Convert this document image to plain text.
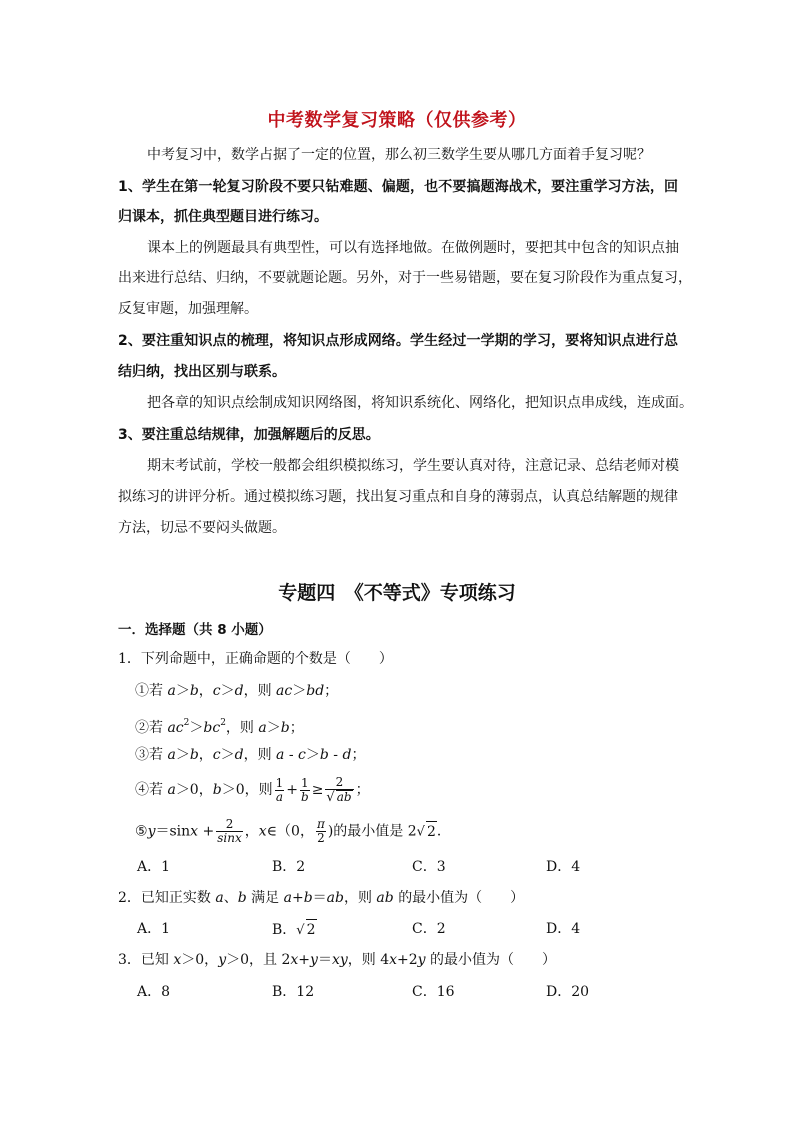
中考数学复习策略（仅供参考）
中考复习中，数学占据了一定的位置，那么初三数学生要从哪几方面着手复习呢？
1、学生在第一轮复习阶段不要只钻难题、偏题，也不要搞题海战术，要注重学习方法，回
归课本，抓住典型题目进行练习。
课本上的例题最具有典型性，可以有选择地做。在做例题时，要把其中包含的知识点抽
出来进行总结、归纳，不要就题论题。另外，对于一些易错题，要在复习阶段作为重点复习，
反复审题，加强理解。
2、要注重知识点的梳理，将知识点形成网络。学生经过一学期的学习，要将知识点进行总
结归纳，找出区别与联系。
把各章的知识点绘制成知识网络图，将知识系统化、网络化，把知识点串成线，连成面。
3、要注重总结规律，加强解题后的反思。
期末考试前，学校一般都会组织模拟练习，学生要认真对待，注意记录、总结老师对模
拟练习的讲评分析。通过模拟练习题，找出复习重点和自身的薄弱点，认真总结解题的规律
方法，切忌不要闷头做题。
专题四　《不等式》专项练习
一．选择题（共 8 小题）
1．下列命题中，正确命题的个数是（　　）
①若 a＞b，c＞d，则 ac＞bd；
②若 $ac^2>bc^2$，则 a＞b；
③若 a＞b，c＞d，则 a - c＞b - d；
④若 a＞0，b＞0，则 $\frac{1}{a} + \frac{1}{b} \ge \frac{2}{√ ab}$ ；
⑤y＝sinx + $\frac{2}{\sin x}$ ，x∈（0， $\frac{\pi}{2}$ )的最小值是 2√ 2．
A．1	B．2	C．3	D．4
2．已知正实数 a、b 满足 a+b＝ab，则 ab 的最小值为（　　）
A．1	B．√ 2	C．2	D．4
3．已知 x＞0，y＞0，且 2x+y＝xy，则 4x+2y 的最小值为（　　）
A．8	B．12	C．16	D．20
